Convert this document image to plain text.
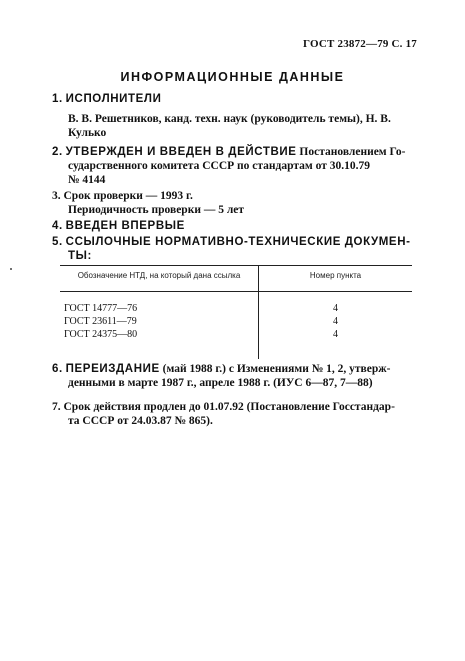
ГОСТ 23872—79 С. 17
ИНФОРМАЦИОННЫЕ ДАННЫЕ
1. ИСПОЛНИТЕЛИ
В. В. Решетников, канд. техн. наук (руководитель темы), Н. В.
Кулько
2. УТВЕРЖДЕН И ВВЕДЕН В ДЕЙСТВИЕ Постановлением Го-
сударственного комитета СССР по стандартам от 30.10.79
№ 4144
3. Срок проверки — 1993 г.
Периодичность проверки — 5 лет
4. ВВЕДЕН ВПЕРВЫЕ
5. ССЫЛОЧНЫЕ НОРМАТИВНО-ТЕХНИЧЕСКИЕ ДОКУМЕН-
ТЫ:
Обозначение НТД, на который дана ссылка	Номер пункта
ГОСТ 14777—76	4
ГОСТ 23611—79	4
ГОСТ 24375—80	4
6. ПЕРЕИЗДАНИЕ (май 1988 г.) с Изменениями № 1, 2, утверж-
денными в марте 1987 г., апреле 1988 г. (ИУС 6—87, 7—88)
7. Срок действия продлен до 01.07.92 (Постановление Госстандар-
та СССР от 24.03.87 № 865).
